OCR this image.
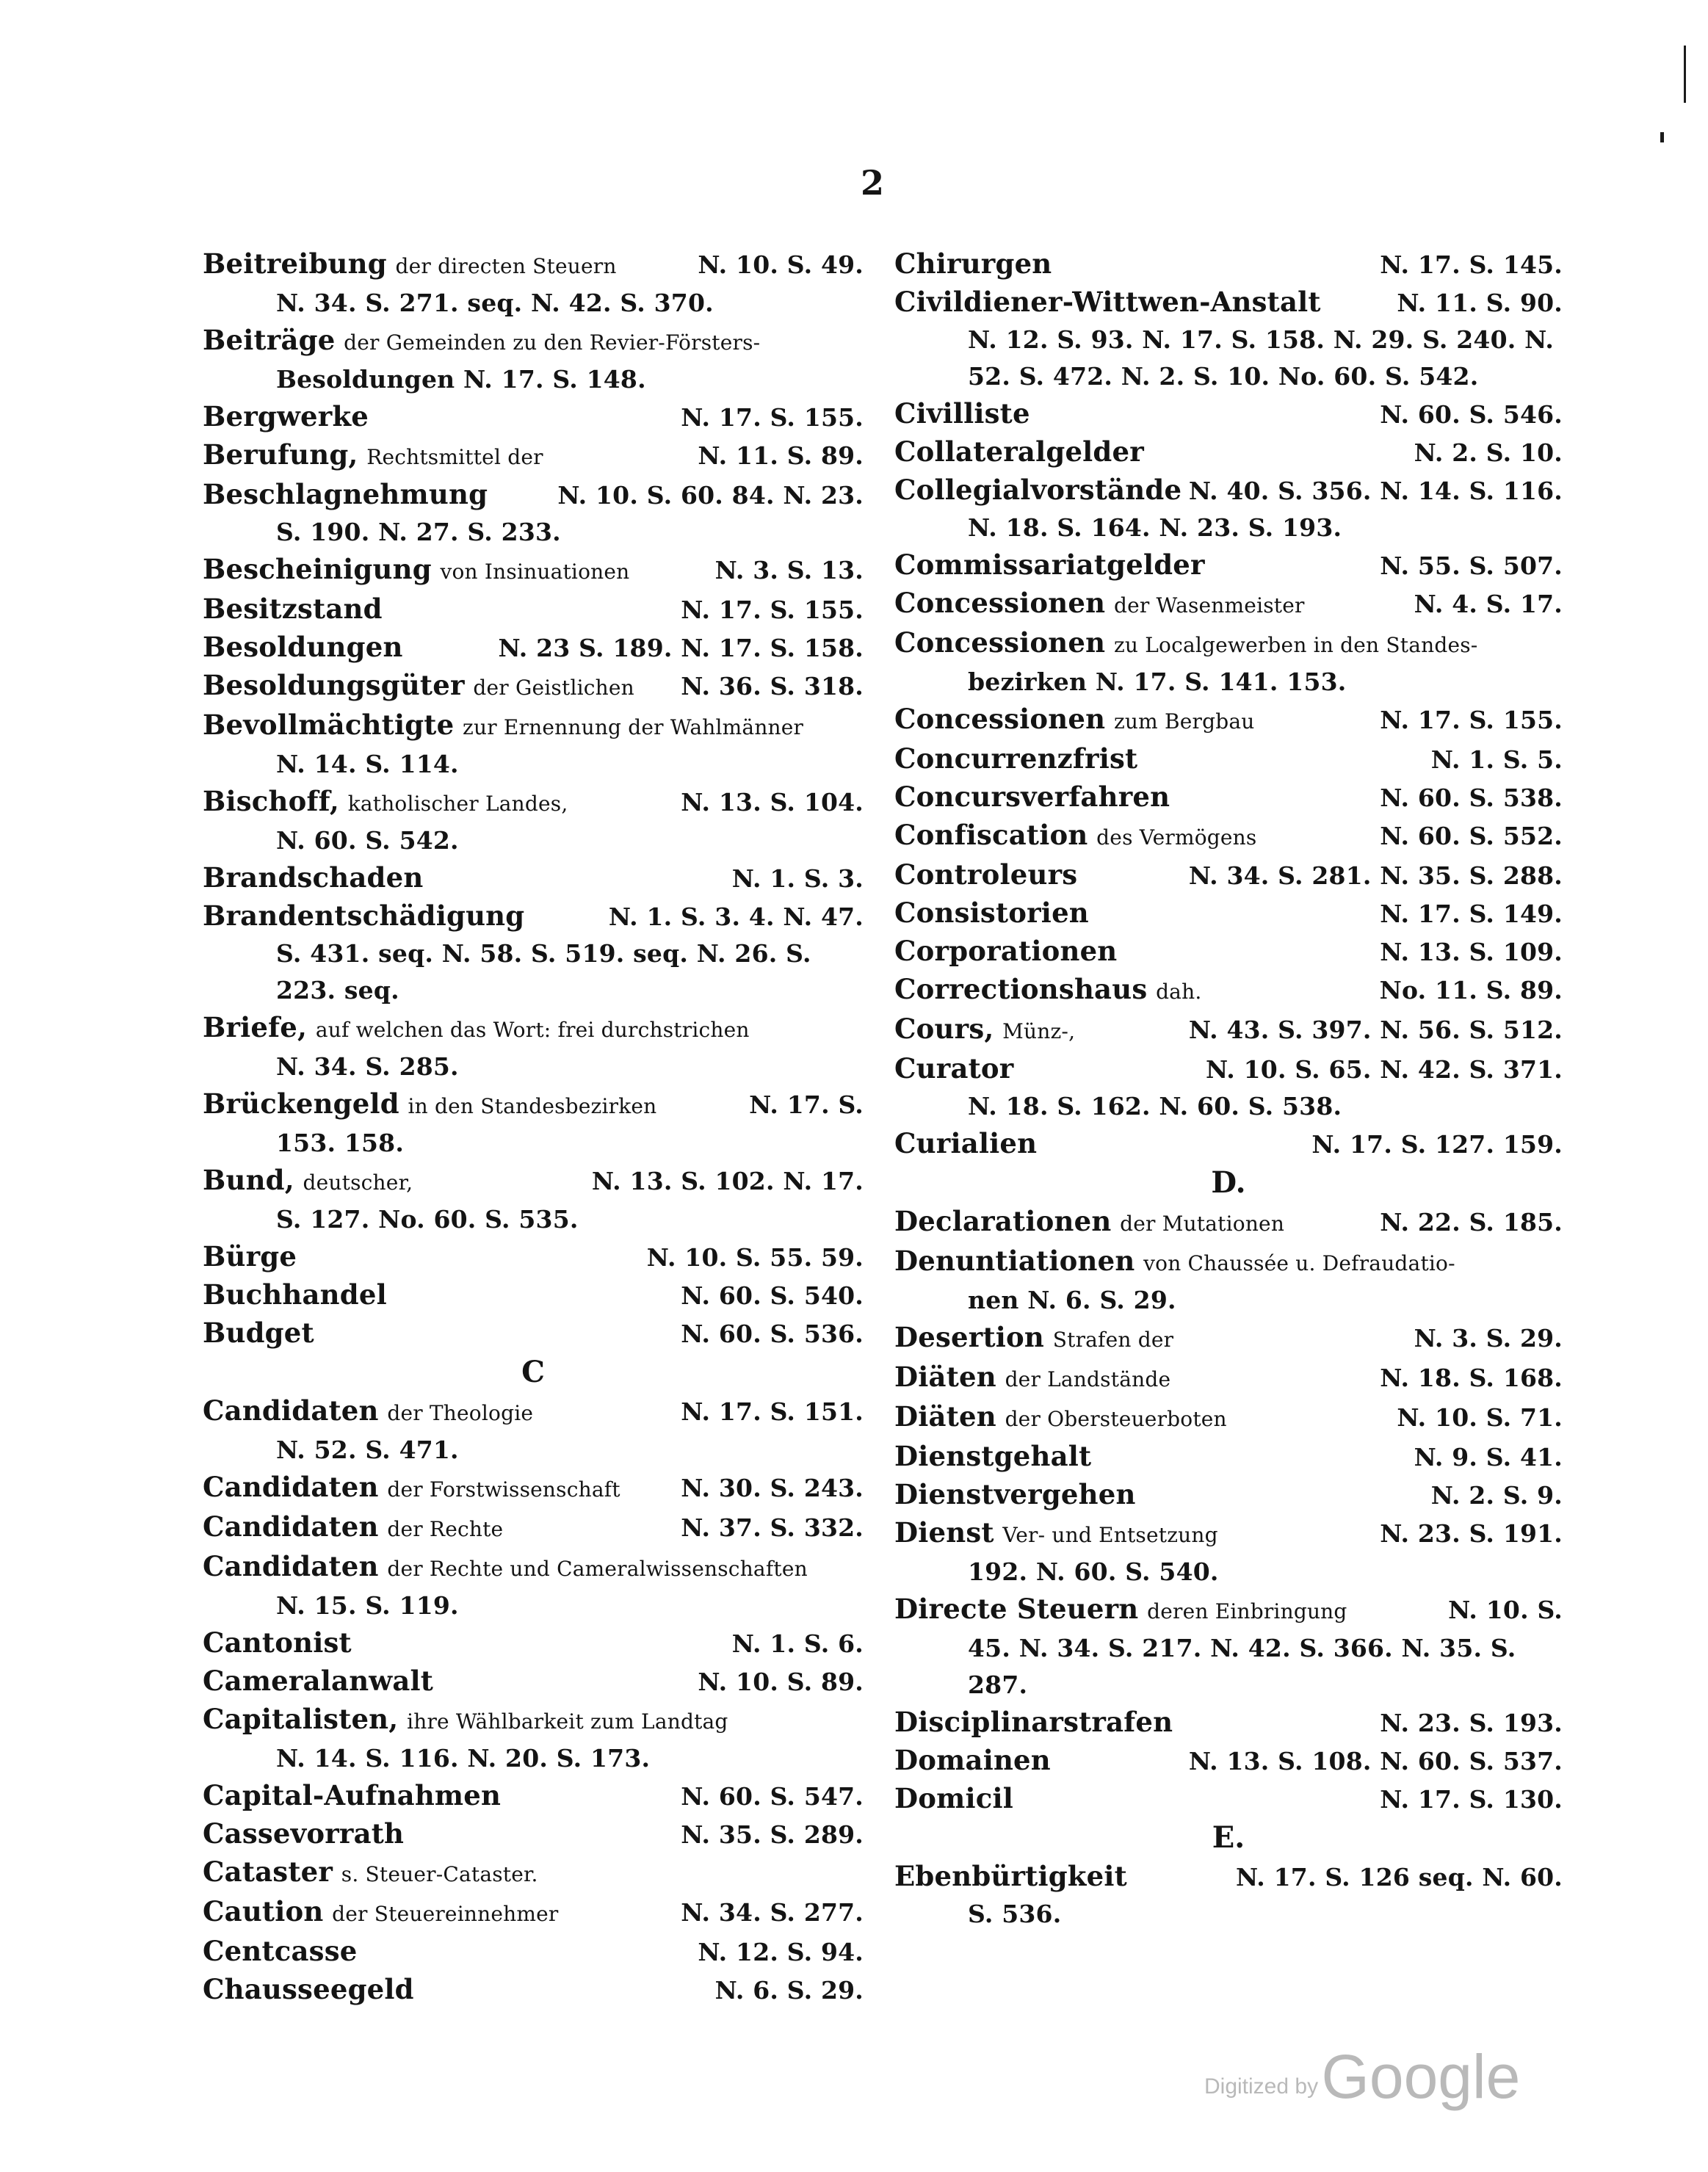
2
Beitreibung der directen Steuern	N. 10. S. 49.
N. 34. S. 271. seq. N. 42. S. 370.
Beiträge der Gemeinden zu den Revier-Försters-
Besoldungen N. 17. S. 148.
Bergwerke	N. 17. S. 155.
Berufung, Rechtsmittel der	N. 11. S. 89.
Beschlagnehmung	N. 10. S. 60. 84. N. 23.
S. 190. N. 27. S. 233.
Bescheinigung von Insinuationen	N. 3. S. 13.
Besitzstand	N. 17. S. 155.
Besoldungen	N. 23 S. 189. N. 17. S. 158.
Besoldungsgüter der Geistlichen N. 36. S. 318.
Bevollmächtigte zur Ernennung der Wahlmänner
N. 14. S. 114.
Bischoff, katholischer Landes,	N. 13. S. 104.
N. 60. S. 542.
Brandschaden	N. 1. S. 3.
Brandentschädigung	N. 1. S. 3. 4. N. 47.
S. 431. seq. N. 58. S. 519. seq. N. 26. S. 223. seq.
Briefe, auf welchen das Wort: frei durchstrichen
N. 34. S. 285.
Brückengeld in den Standesbezirken	N. 17. S.
153. 158.
Bund, deutscher,	N. 13. S. 102. N. 17.
S. 127. No. 60. S. 535.
Bürge	N. 10. S. 55. 59.
Buchhandel	N. 60. S. 540.
Budget	N. 60. S. 536.
C
Candidaten der Theologie	N. 17. S. 151.
N. 52. S. 471.
Candidaten der Forstwissenschaft	N. 30. S. 243.
Candidaten der Rechte	N. 37. S. 332.
Candidaten der Rechte und Cameralwissenschaften
N. 15. S. 119.
Cantonist	N. 1. S. 6.
Cameralanwalt	N. 10. S. 89.
Capitalisten, ihre Wählbarkeit zum Landtag
N. 14. S. 116. N. 20. S. 173.
Capital-Aufnahmen	N. 60. S. 547.
Cassevorrath	N. 35. S. 289.
Cataster s. Steuer-Cataster.
Caution der Steuereinnehmer	N. 34. S. 277.
Centcasse	N. 12. S. 94.
Chausseegeld	N. 6. S. 29.
Chirurgen	N. 17. S. 145.
Civildiener-Wittwen-Anstalt	N. 11. S. 90.
N. 12. S. 93. N. 17. S. 158. N. 29. S. 240. N. 52. S. 472. N. 2. S. 10. No. 60. S. 542.
Civilliste	N. 60. S. 546.
Collateralgelder	N. 2. S. 10.
Collegialvorstände N. 40. S. 356. N. 14. S. 116.
N. 18. S. 164. N. 23. S. 193.
Commissariatgelder	N. 55. S. 507.
Concessionen der Wasenmeister	N. 4. S. 17.
Concessionen zu Localgewerben in den Standes-
bezirken N. 17. S. 141. 153.
Concessionen zum Bergbau	N. 17. S. 155.
Concurrenzfrist	N. 1. S. 5.
Concursverfahren	N. 60. S. 538.
Confiscation des Vermögens	N. 60. S. 552.
Controleurs	N. 34. S. 281. N. 35. S. 288.
Consistorien	N. 17. S. 149.
Corporationen	N. 13. S. 109.
Correctionshaus dah.	No. 11. S. 89.
Cours, Münz-,	N. 43. S. 397. N. 56. S. 512.
Curator	N. 10. S. 65. N. 42. S. 371.
N. 18. S. 162. N. 60. S. 538.
Curialien	N. 17. S. 127. 159.
D.
Declarationen der Mutationen	N. 22. S. 185.
Denuntiationen von Chaussée u. Defraudatio-
nen N. 6. S. 29.
Desertion Strafen der	N. 3. S. 29.
Diäten der Landstände	N. 18. S. 168.
Diäten der Obersteuerboten	N. 10. S. 71.
Dienstgehalt	N. 9. S. 41.
Dienstvergehen	N. 2. S. 9.
Dienst Ver- und Entsetzung	N. 23. S. 191.
192. N. 60. S. 540.
Directe Steuern deren Einbringung	N. 10. S.
45. N. 34. S. 217. N. 42. S. 366. N. 35. S. 287.
Disciplinarstrafen	N. 23. S. 193.
Domainen	N. 13. S. 108. N. 60. S. 537.
Domicil	N. 17. S. 130.
E.
Ebenbürtigkeit	N. 17. S. 126 seq. N. 60.
S. 536.
Digitized by Google
